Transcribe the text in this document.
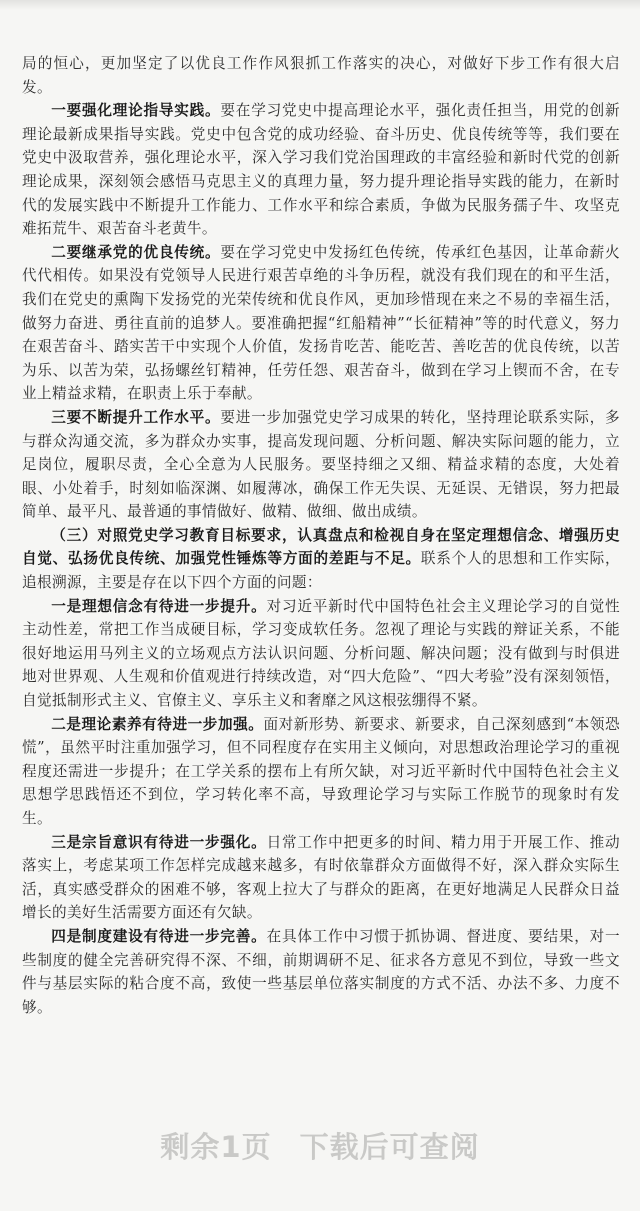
局的恒心，更加坚定了以优良工作作风狠抓工作落实的决心，对做好下步工作有很大启发。

一要强化理论指导实践。要在学习党史中提高理论水平，强化责任担当，用党的创新理论最新成果指导实践。党史中包含党的成功经验、奋斗历史、优良传统等等，我们要在党史中汲取营养，强化理论水平，深入学习我们党治国理政的丰富经验和新时代党的创新理论成果，深刻领会感悟马克思主义的真理力量，努力提升理论指导实践的能力，在新时代的发展实践中不断提升工作能力、工作水平和综合素质，争做为民服务孺子牛、攻坚克难拓荒牛、艰苦奋斗老黄牛。

二要继承党的优良传统。要在学习党史中发扬红色传统，传承红色基因，让革命薪火代代相传。如果没有党领导人民进行艰苦卓绝的斗争历程，就没有我们现在的和平生活，我们在党史的熏陶下发扬党的光荣传统和优良作风，更加珍惜现在来之不易的幸福生活，做努力奋进、勇往直前的追梦人。要准确把握“红船精神”“长征精神”等的时代意义，努力在艰苦奋斗、踏实苦干中实现个人价值，发扬肯吃苦、能吃苦、善吃苦的优良传统，以苦为乐、以苦为荣，弘扬螺丝钉精神，任劳任怨、艰苦奋斗，做到在学习上锲而不舍，在专业上精益求精，在职责上乐于奉献。

三要不断提升工作水平。要进一步加强党史学习成果的转化，坚持理论联系实际，多与群众沟通交流，多为群众办实事，提高发现问题、分析问题、解决实际问题的能力，立足岗位，履职尽责，全心全意为人民服务。要坚持细之又细、精益求精的态度，大处着眼、小处着手，时刻如临深渊、如履薄冰，确保工作无失误、无延误、无错误，努力把最简单、最平凡、最普通的事情做好、做精、做细、做出成绩。

（三）对照党史学习教育目标要求，认真盘点和检视自身在坚定理想信念、增强历史自觉、弘扬优良传统、加强党性锤炼等方面的差距与不足。联系个人的思想和工作实际，追根溯源，主要是存在以下四个方面的问题：

一是理想信念有待进一步提升。对习近平新时代中国特色社会主义理论学习的自觉性主动性差，常把工作当成硬目标，学习变成软任务。忽视了理论与实践的辩证关系，不能很好地运用马列主义的立场观点方法认识问题、分析问题、解决问题；没有做到与时俱进地对世界观、人生观和价值观进行持续改造，对“四大危险”、“四大考验”没有深刻领悟，自觉抵制形式主义、官僚主义、享乐主义和奢靡之风这根弦绷得不紧。

二是理论素养有待进一步加强。面对新形势、新要求、新要求，自己深刻感到“本领恐慌”，虽然平时注重加强学习，但不同程度存在实用主义倾向，对思想政治理论学习的重视程度还需进一步提升；在工学关系的摆布上有所欠缺，对习近平新时代中国特色社会主义思想学思践悟还不到位，学习转化率不高，导致理论学习与实际工作脱节的现象时有发生。

三是宗旨意识有待进一步强化。日常工作中把更多的时间、精力用于开展工作、推动落实上，考虑某项工作怎样完成越来越多，有时依靠群众方面做得不好，深入群众实际生活，真实感受群众的困难不够，客观上拉大了与群众的距离，在更好地满足人民群众日益增长的美好生活需要方面还有欠缺。

四是制度建设有待进一步完善。在具体工作中习惯于抓协调、督进度、要结果，对一些制度的健全完善研究得不深、不细，前期调研不足、征求各方意见不到位，导致一些文件与基层实际的粘合度不高，致使一些基层单位落实制度的方式不活、办法不多、力度不够。

剩余1页 下载后可查阅
